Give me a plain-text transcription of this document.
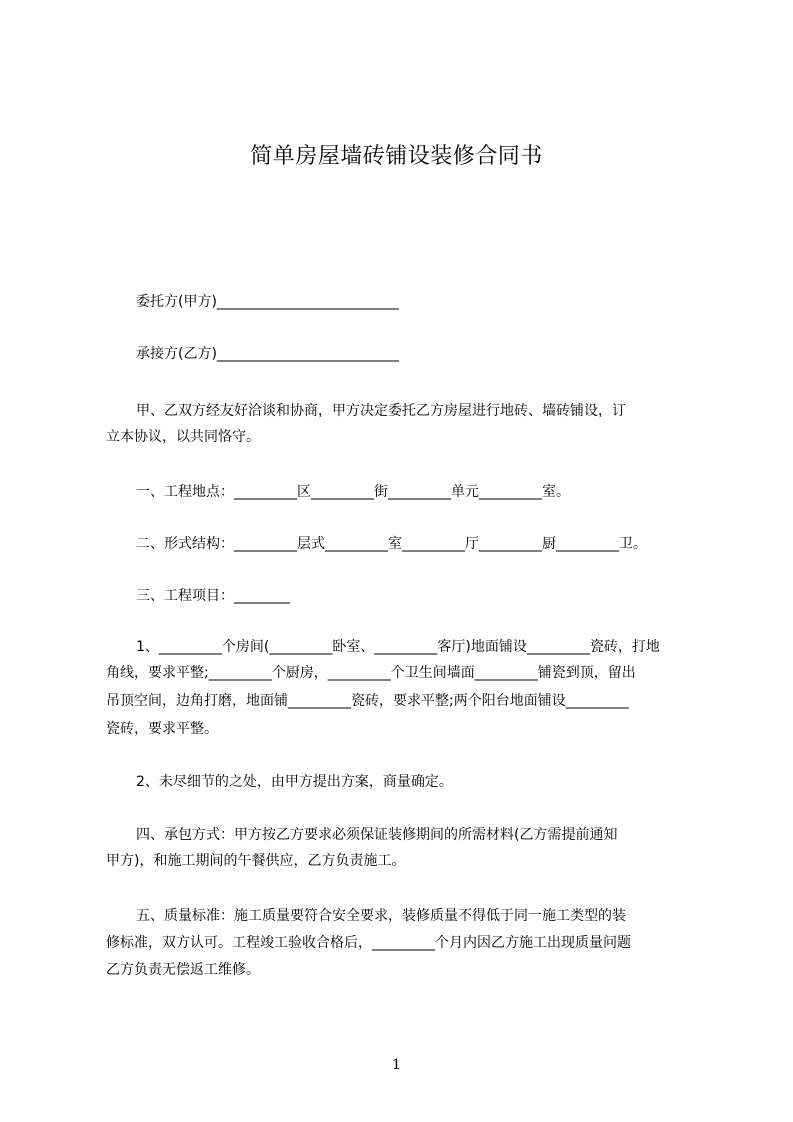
简单房屋墙砖铺设装修合同书
委托方(甲方)__________________________
承接方(乙方)__________________________
甲、乙双方经友好洽谈和协商，甲方决定委托乙方房屋进行地砖、墙砖铺设，订
立本协议，以共同恪守。
一、工程地点：_________区_________街_________单元_________室。
二、形式结构：_________层式_________室_________厅_________厨_________卫。
三、工程项目：________
1、_________个房间(_________卧室、_________客厅)地面铺设_________瓷砖，打地
角线，要求平整;_________个厨房，_________个卫生间墙面_________铺瓷到顶，留出
吊顶空间，边角打磨，地面铺_________瓷砖，要求平整;两个阳台地面铺设_________
瓷砖，要求平整。
2、未尽细节的之处，由甲方提出方案，商量确定。
四、承包方式：甲方按乙方要求必须保证装修期间的所需材料(乙方需提前通知
甲方)，和施工期间的午餐供应，乙方负责施工。
五、质量标准：施工质量要符合安全要求，装修质量不得低于同一施工类型的装
修标准，双方认可。工程竣工验收合格后，_________个月内因乙方施工出现质量问题
乙方负责无偿返工维修。
1
